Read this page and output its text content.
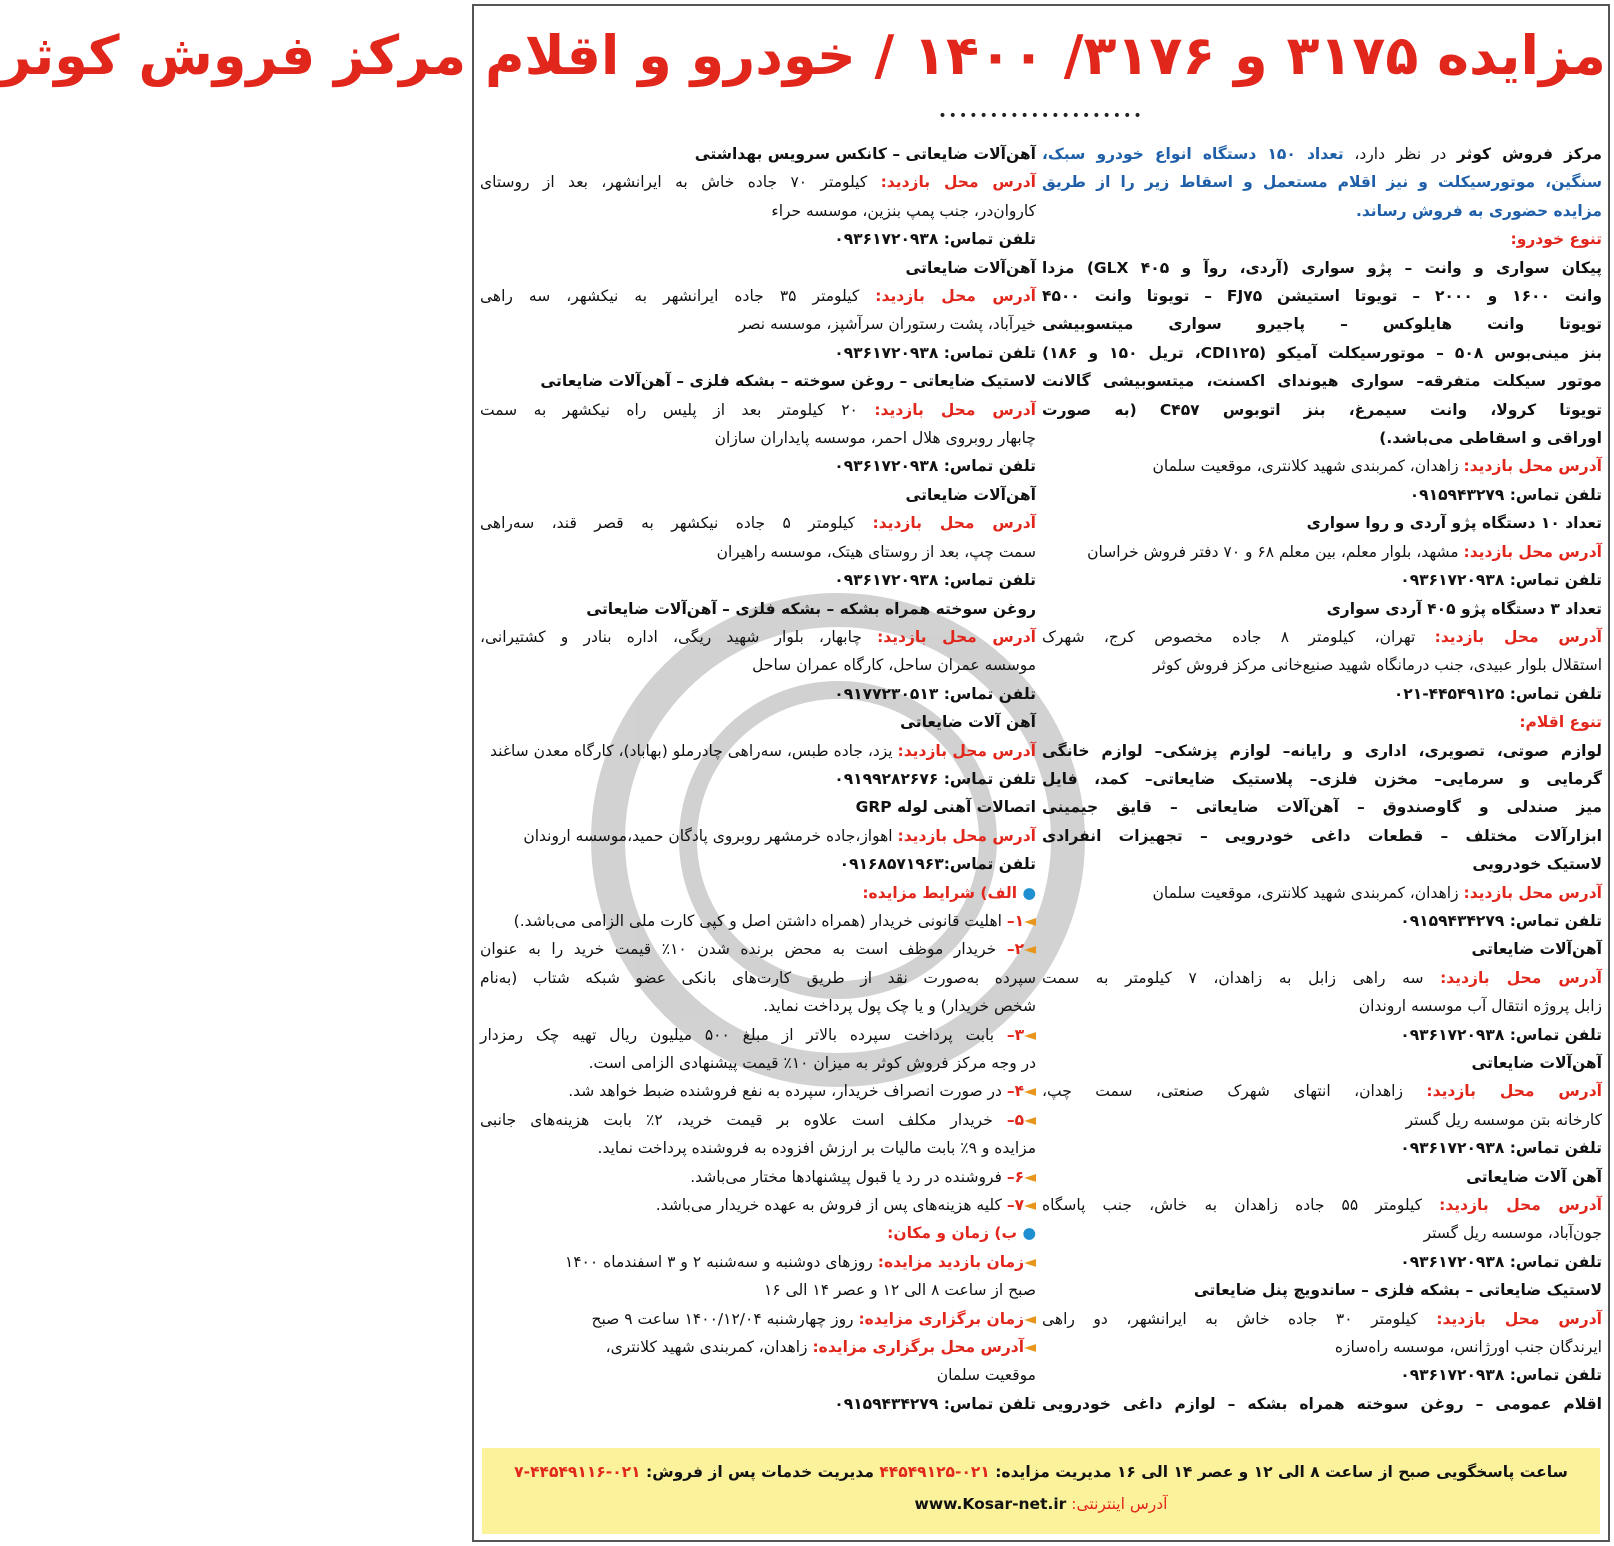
مزایده ۳۱۷۵ و ۳۱۷۶/ ۱۴۰۰ / خودرو و اقلام مرکز فروش کوثر
••••••••••••••••••••
مرکز فروش کوثر در نظر دارد، تعداد ۱۵۰ دستگاه انواع خودرو سبک،
سنگین، موتورسیکلت و نیز اقلام مستعمل و اسقاط زیر را از طریق
مزایده حضوری به فروش رساند.
تنوع خودرو:
پیکان سواری و وانت – پژو سواری (آردی، روآ و GLX ۴۰۵) مزدا
وانت ۱۶۰۰ و ۲۰۰۰ – تویوتا استیشن FJ۷۵ – تویوتا وانت ۴۵۰۰
تویوتا وانت هایلوکس – پاجیرو سواری میتسوبیشی
بنز مینی‌بوس ۵۰۸ – موتورسیکلت آمیکو (CDI۱۲۵، تریل ۱۵۰ و ۱۸۶)
موتور سیکلت متفرقه– سواری هیوندای اکسنت، میتسوبیشی گالانت
تویوتا کرولا، وانت سیمرغ، بنز اتوبوس C۴۵۷ (به صورت
اوراقی و اسقاطی می‌باشد.)
آدرس محل بازدید: زاهدان، کمربندی شهید کلانتری، موقعیت سلمان
تلفن تماس: ۰۹۱۵۹۴۳۲۷۹
تعداد ۱۰ دستگاه پژو آردی و روا سواری
آدرس محل بازدید: مشهد، بلوار معلم، بین معلم ۶۸ و ۷۰ دفتر فروش خراسان
تلفن تماس: ۰۹۳۶۱۷۲۰۹۳۸
تعداد ۳ دستگاه پژو ۴۰۵ آردی سواری
آدرس محل بازدید: تهران، کیلومتر ۸ جاده مخصوص کرج، شهرک
استقلال بلوار عبیدی، جنب درمانگاه شهید صنیع‌خانی مرکز فروش کوثر
تلفن تماس: ۴۴۵۴۹۱۲۵-۰۲۱
تنوع اقلام:
لوازم صوتی، تصویری، اداری و رایانه– لوازم پزشکی– لوازم خانگی
گرمایی و سرمایی– مخزن فلزی– پلاستیک ضایعاتی– کمد، فایل
میز صندلی و گاوصندوق – آهن‌آلات ضایعاتی – قایق جیمینی
ابزارآلات مختلف – قطعات داغی خودرویی – تجهیزات انفرادی
لاستیک خودرویی
آدرس محل بازدید: زاهدان، کمربندی شهید کلانتری، موقعیت سلمان
تلفن تماس: ۰۹۱۵۹۴۳۴۲۷۹
آهن‌آلات ضایعاتی
آدرس محل بازدید: سه راهی زابل به زاهدان، ۷ کیلومتر به سمت
زابل پروژه انتقال آب موسسه اروندان
تلفن تماس: ۰۹۳۶۱۷۲۰۹۳۸
آهن‌آلات ضایعاتی
آدرس محل بازدید: زاهدان، انتهای شهرک صنعتی، سمت چپ،
کارخانه بتن موسسه ریل گستر
تلفن تماس: ۰۹۳۶۱۷۲۰۹۳۸
آهن آلات ضایعاتی
آدرس محل بازدید: کیلومتر ۵۵ جاده زاهدان به خاش، جنب پاسگاه
جون‌آباد، موسسه ریل گستر
تلفن تماس: ۰۹۳۶۱۷۲۰۹۳۸
لاستیک ضایعاتی – بشکه فلزی – ساندویچ پنل ضایعاتی
آدرس محل بازدید: کیلومتر ۳۰ جاده خاش به ایرانشهر، دو راهی
ایرندگان جنب اورژانس، موسسه راه‌سازه
تلفن تماس: ۰۹۳۶۱۷۲۰۹۳۸
اقلام عمومی – روغن سوخته همراه بشکه – لوازم داغی خودرویی
آهن‌آلات ضایعاتی – کانکس سرویس بهداشتی
آدرس محل بازدید: کیلومتر ۷۰ جاده خاش به ایرانشهر، بعد از روستای
کاروان‌در، جنب پمپ بنزین، موسسه حراء
تلفن تماس: ۰۹۳۶۱۷۲۰۹۳۸
آهن‌آلات ضایعاتی
آدرس محل بازدید: کیلومتر ۳۵ جاده ایرانشهر به نیکشهر، سه راهی
خیرآباد، پشت رستوران سرآشپز، موسسه نصر
تلفن تماس: ۰۹۳۶۱۷۲۰۹۳۸
لاستیک ضایعاتی – روغن سوخته – بشکه فلزی – آهن‌آلات ضایعاتی
آدرس محل بازدید: ۲۰ کیلومتر بعد از پلیس راه نیکشهر به سمت
چابهار روبروی هلال احمر، موسسه پایداران سازان
تلفن تماس: ۰۹۳۶۱۷۲۰۹۳۸
آهن‌آلات ضایعاتی
آدرس محل بازدید: کیلومتر ۵ جاده نیکشهر به قصر قند، سه‌راهی
سمت چپ، بعد از روستای هیتک، موسسه راهیران
تلفن تماس: ۰۹۳۶۱۷۲۰۹۳۸
روغن سوخته همراه بشکه – بشکه فلزی – آهن‌آلات ضایعاتی
آدرس محل بازدید: چابهار، بلوار شهید ریگی، اداره بنادر و کشتیرانی،
موسسه عمران ساحل، کارگاه عمران ساحل
تلفن تماس: ۰۹۱۷۷۲۳۰۵۱۳
آهن آلات ضایعاتی
آدرس محل بازدید: یزد، جاده طبس، سه‌راهی چادرملو (بهاباد)، کارگاه معدن ساغند
تلفن تماس: ۰۹۱۹۹۲۸۲۶۷۶
اتصالات آهنی لوله GRP
آدرس محل بازدید: اهواز،جاده خرمشهر روبروی پادگان حمید،موسسه اروندان
تلفن تماس:۰۹۱۶۸۵۷۱۹۶۳
● الف) شرایط مزایده:
◄۱– اهلیت قانونی خریدار (همراه داشتن اصل و کپی کارت ملی الزامی می‌باشد.)
◄۲– خریدار موظف است به محض برنده شدن ۱۰٪ قیمت خرید را به عنوان
سپرده به‌صورت نقد از طریق کارت‌های بانکی عضو شبکه شتاب (به‌نام
شخص خریدار) و یا چک پول پرداخت نماید.
◄۳– بابت پرداخت سپرده بالاتر از مبلغ ۵۰۰ میلیون ریال تهیه چک رمزدار
در وجه مرکز فروش کوثر به میزان ۱۰٪ قیمت پیشنهادی الزامی است.
◄۴– در صورت انصراف خریدار، سپرده به نفع فروشنده ضبط خواهد شد.
◄۵– خریدار مکلف است علاوه بر قیمت خرید، ۲٪ بابت هزینه‌های جانبی
مزایده و ۹٪ بابت مالیات بر ارزش افزوده به فروشنده پرداخت نماید.
◄۶– فروشنده در رد یا قبول پیشنهادها مختار می‌باشد.
◄۷– کلیه هزینه‌های پس از فروش به عهده خریدار می‌باشد.
● ب) زمان و مکان:
◄زمان بازدید مزایده: روزهای دوشنبه و سه‌شنبه ۲ و ۳ اسفندماه ۱۴۰۰
صبح از ساعت ۸ الی ۱۲ و عصر ۱۴ الی ۱۶
◄زمان برگزاری مزایده: روز چهارشنبه ۱۴۰۰/۱۲/۰۴ ساعت ۹ صبح
◄آدرس محل برگزاری مزایده: زاهدان، کمربندی شهید کلانتری،
موقعیت سلمان
تلفن تماس: ۰۹۱۵۹۴۳۴۲۷۹
ساعت پاسخگویی صبح از ساعت ۸ الی ۱۲ و عصر ۱۴ الی ۱۶ مدیریت مزایده: ۰۲۱-۴۴۵۴۹۱۲۵ مدیریت خدمات پس از فروش: ۰۲۱-۴۴۵۴۹۱۱۶-۷
آدرس اینترنتی: www.Kosar-net.ir
